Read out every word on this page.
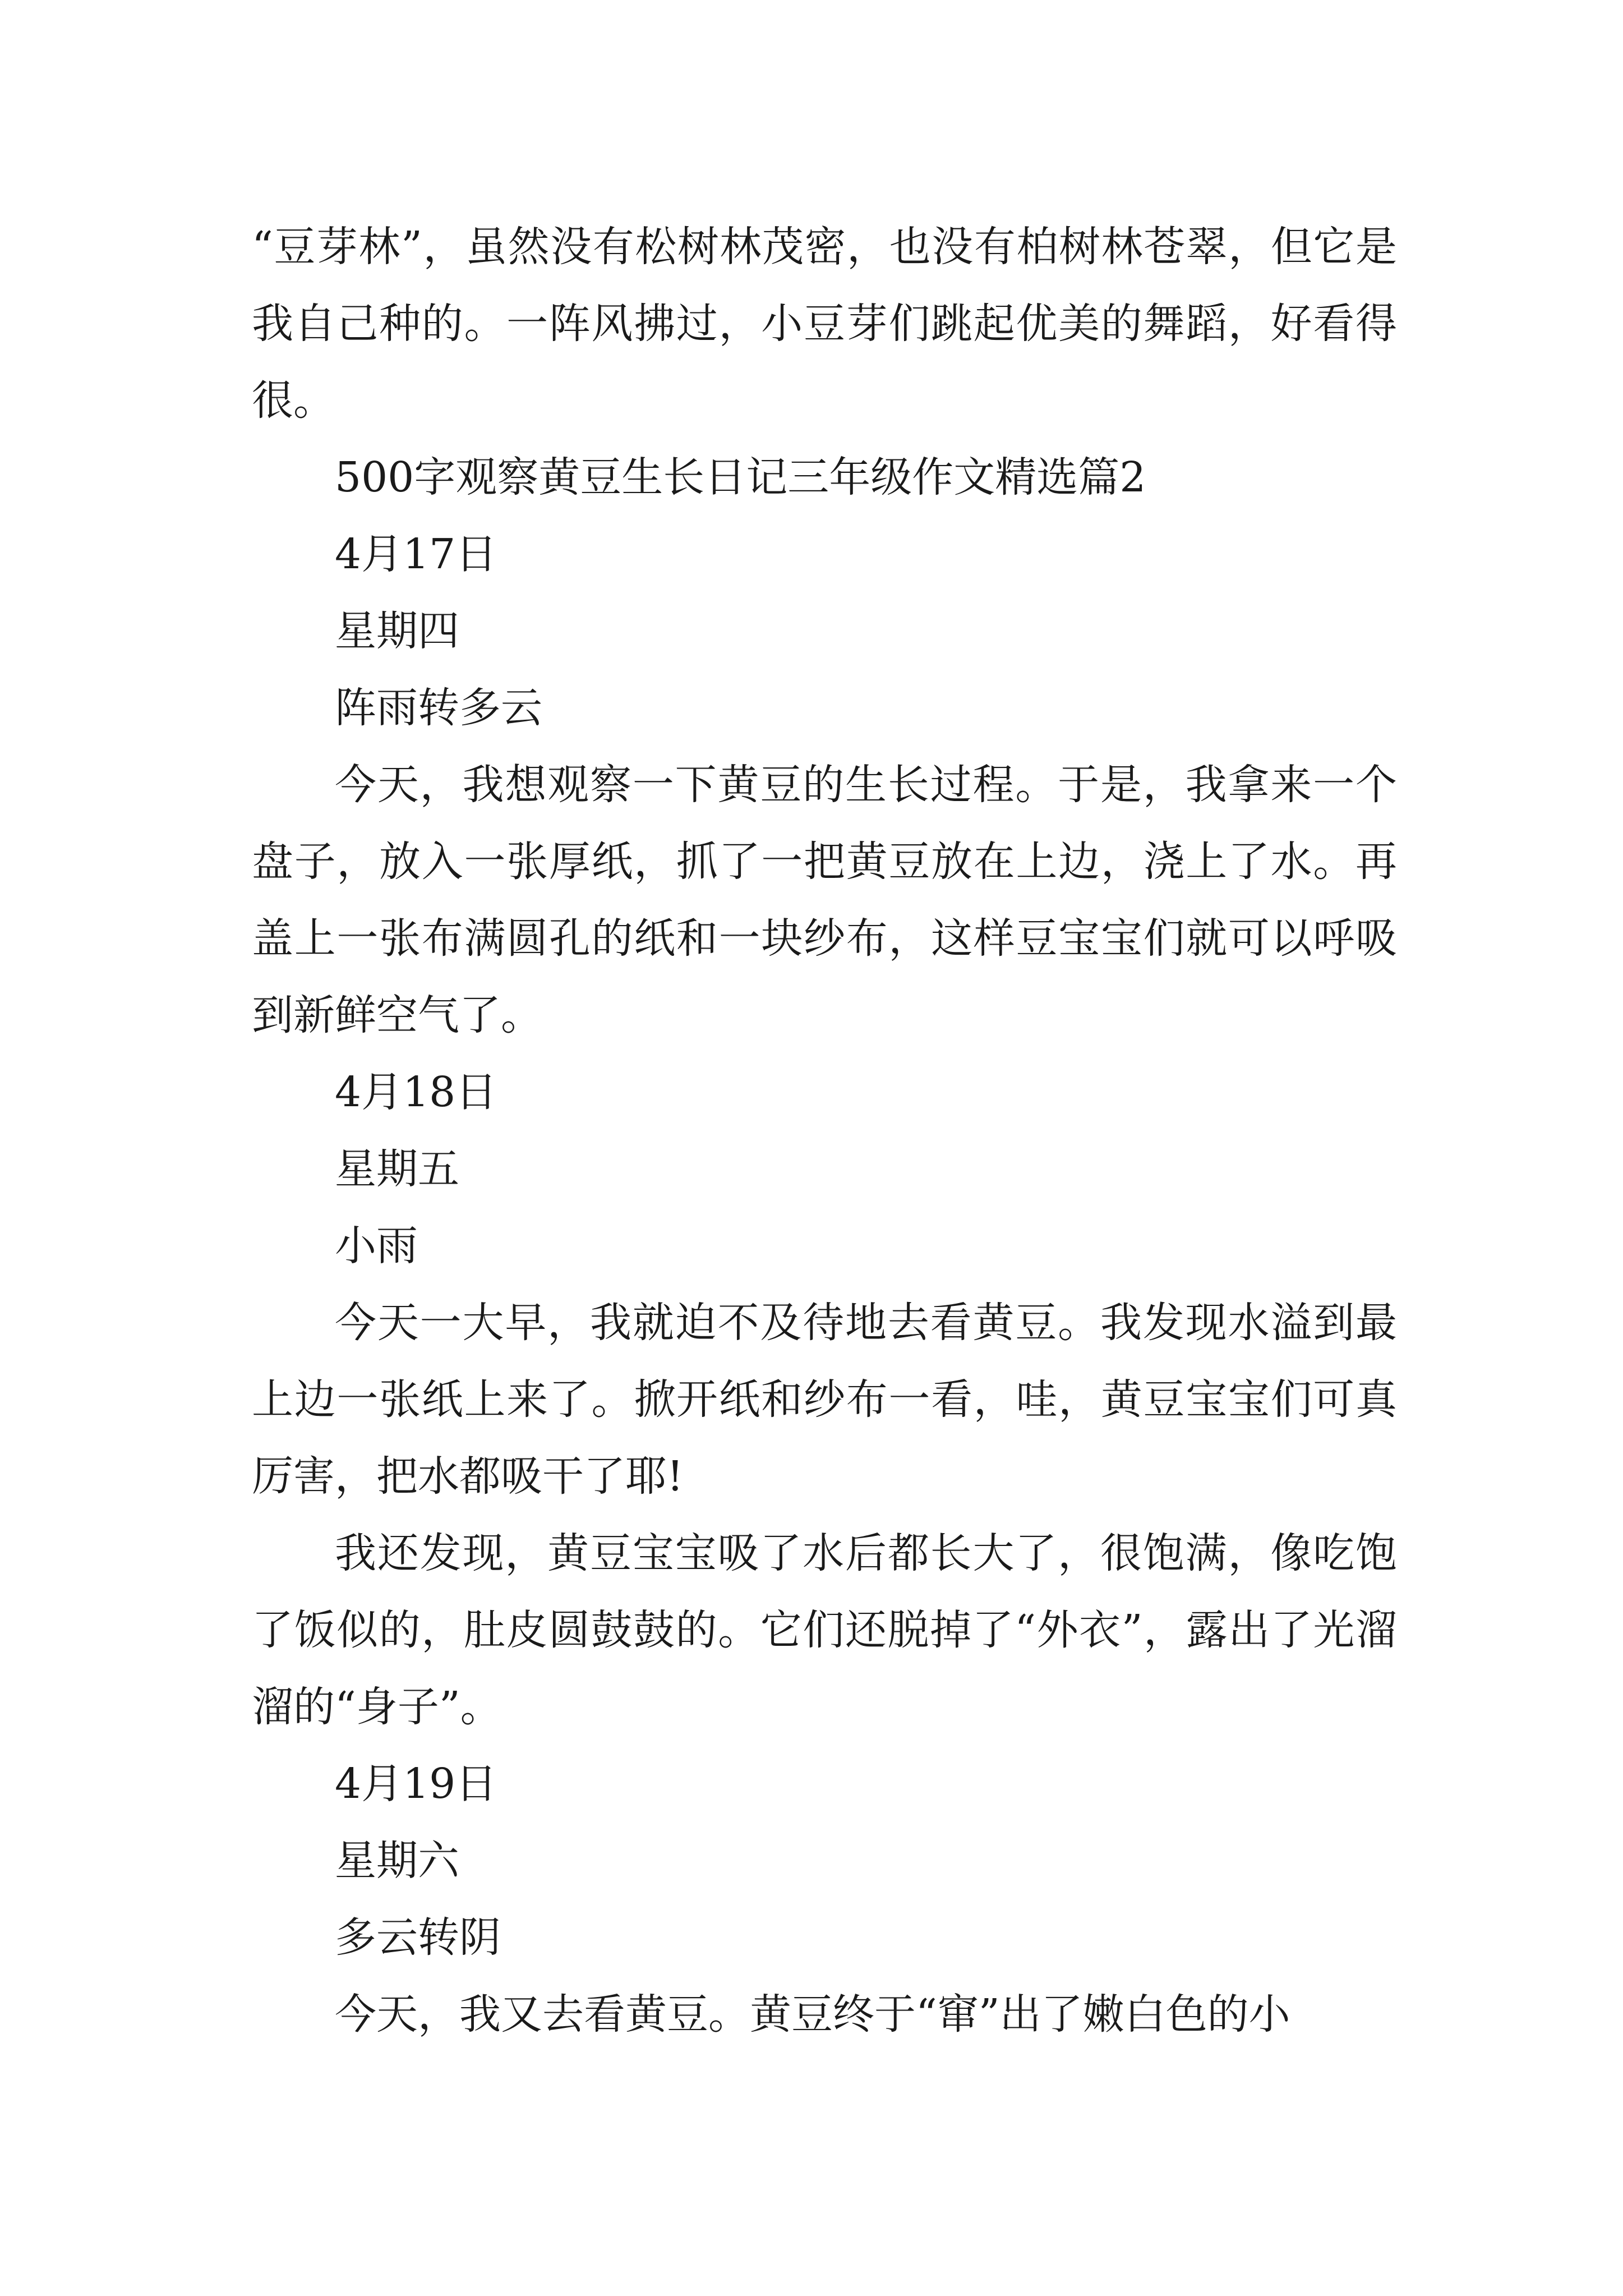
“豆芽林”，虽然没有松树林茂密，也没有柏树林苍翠，但它是我自己种的。一阵风拂过，小豆芽们跳起优美的舞蹈，好看得很。

500字观察黄豆生长日记三年级作文精选篇2

4月17日

星期四

阵雨转多云

今天，我想观察一下黄豆的生长过程。于是，我拿来一个盘子，放入一张厚纸，抓了一把黄豆放在上边，浇上了水。再盖上一张布满圆孔的纸和一块纱布，这样豆宝宝们就可以呼吸到新鲜空气了。

4月18日

星期五

小雨

今天一大早，我就迫不及待地去看黄豆。我发现水溢到最上边一张纸上来了。掀开纸和纱布一看，哇，黄豆宝宝们可真厉害，把水都吸干了耶!

我还发现，黄豆宝宝吸了水后都长大了，很饱满，像吃饱了饭似的，肚皮圆鼓鼓的。它们还脱掉了“外衣”，露出了光溜溜的“身子”。

4月19日

星期六

多云转阴

今天，我又去看黄豆。黄豆终于“窜”出了嫩白色的小
